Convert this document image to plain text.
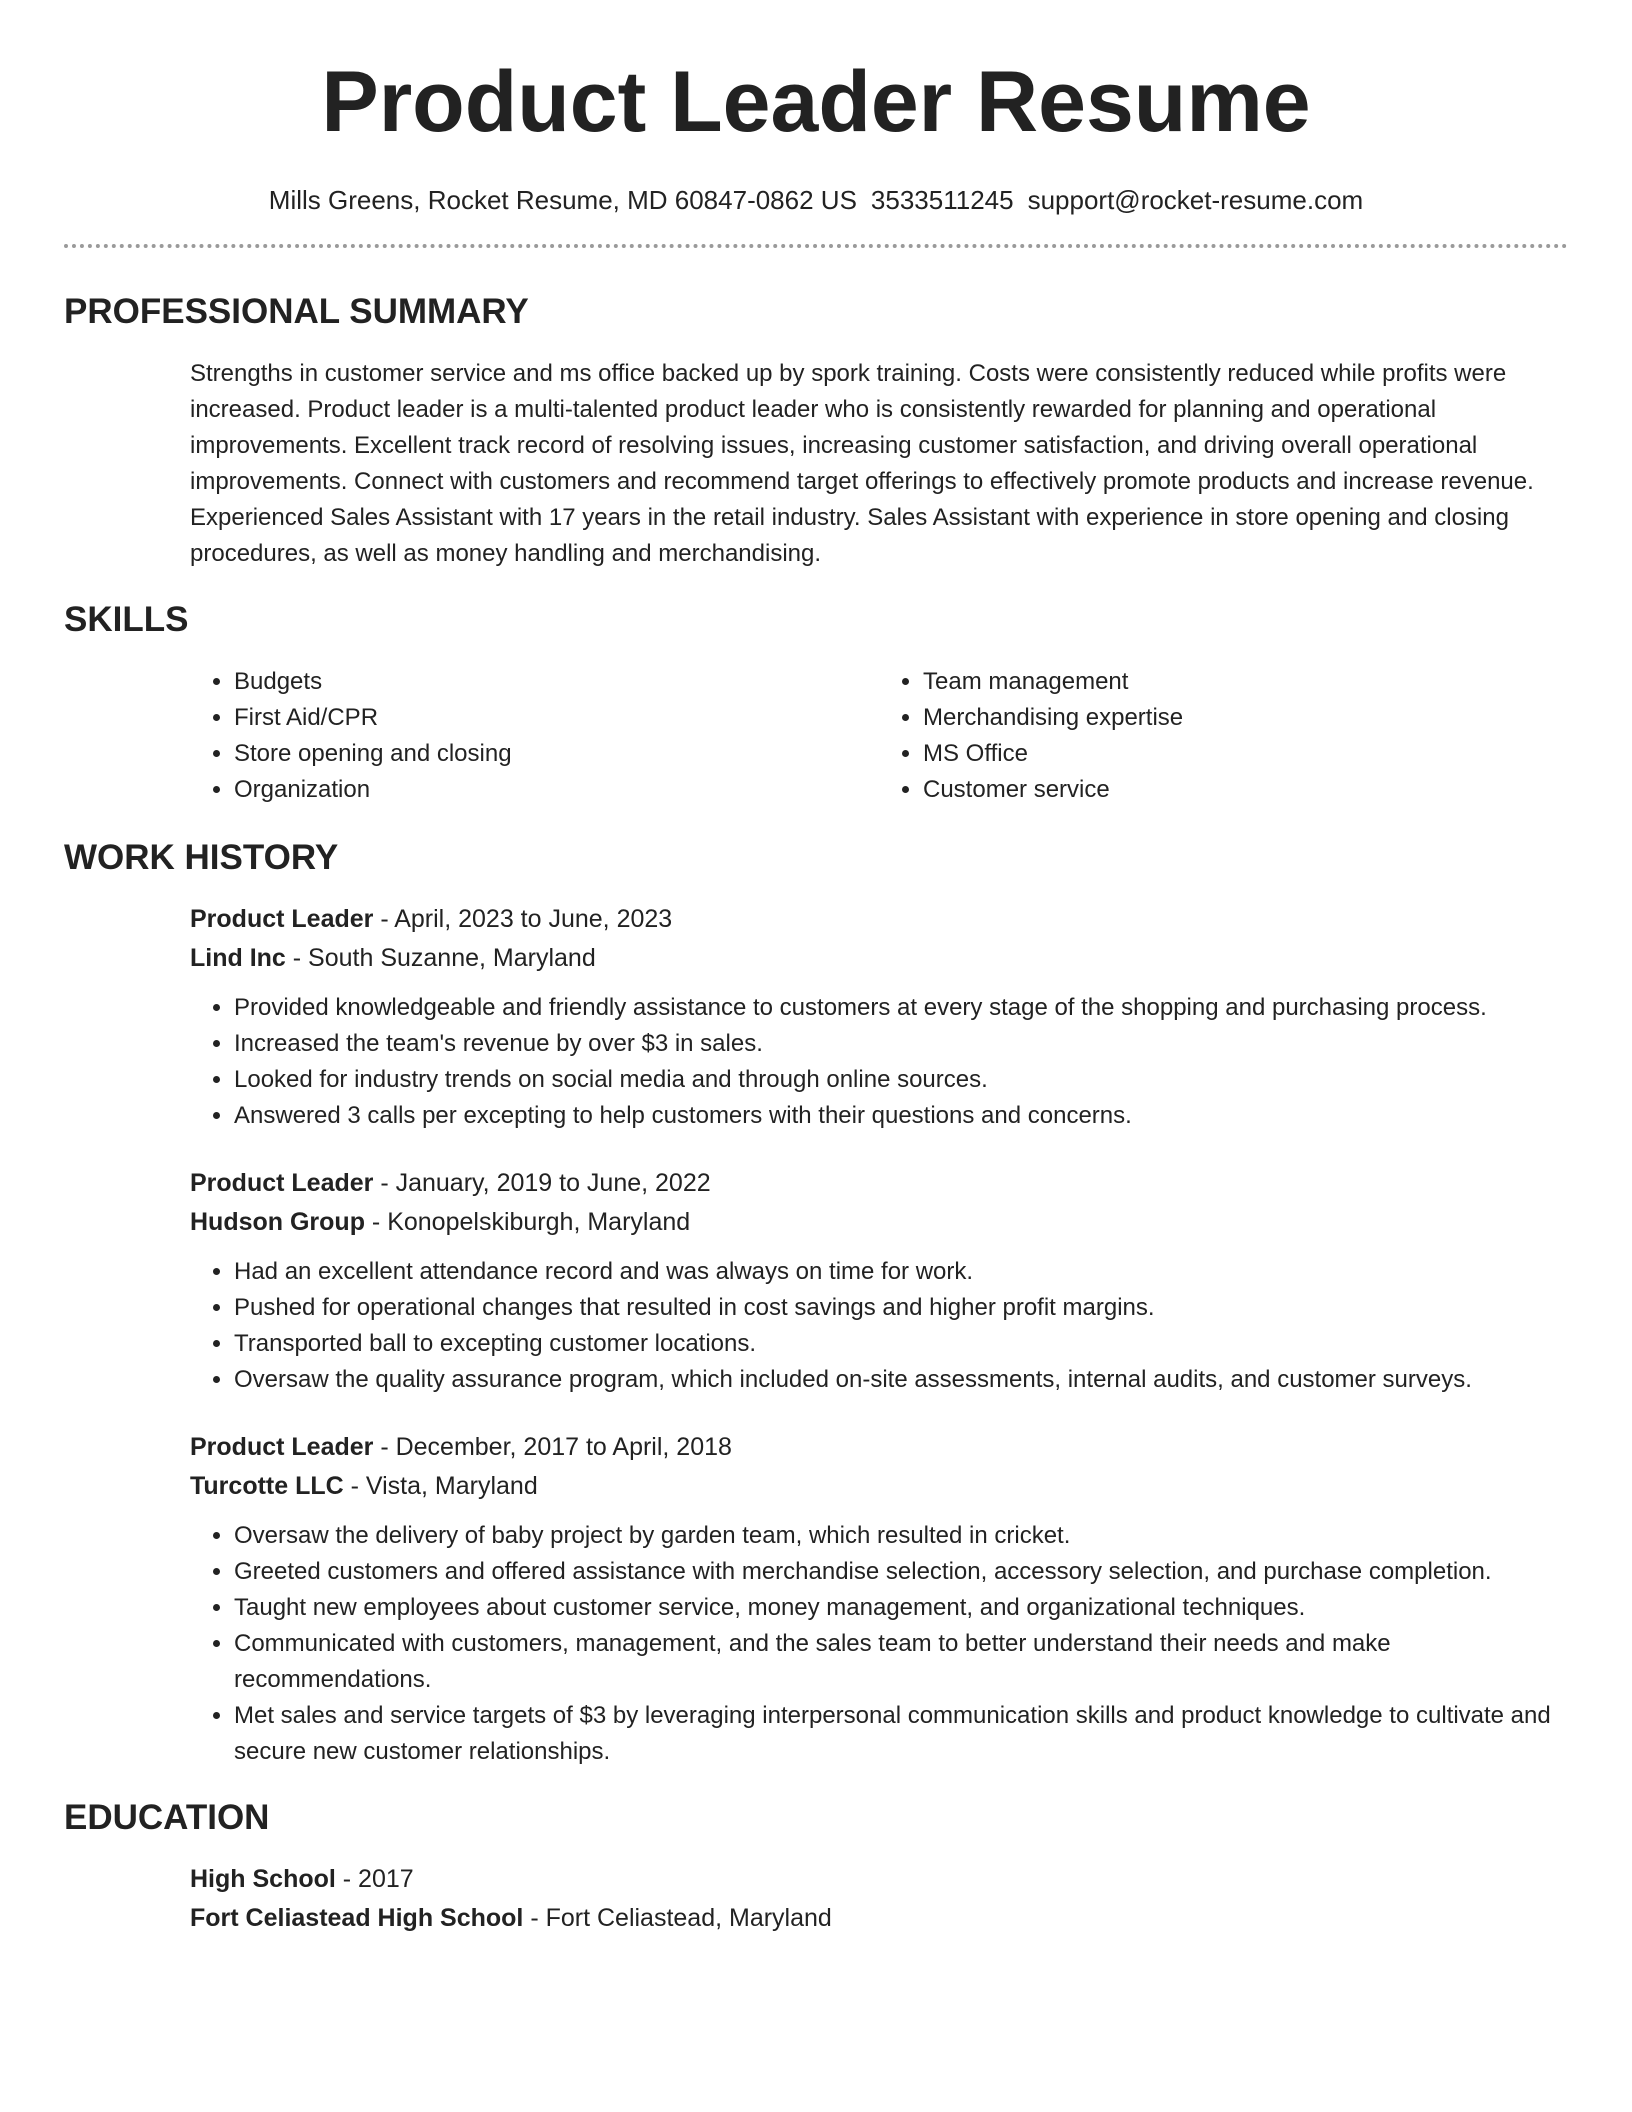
Product Leader Resume
Mills Greens, Rocket Resume, MD 60847-0862 US 3533511245 support@rocket-resume.com
PROFESSIONAL SUMMARY

Strengths in customer service and ms office backed up by spork training. Costs were consistently reduced while profits were increased. Product leader is a multi-talented product leader who is consistently rewarded for planning and operational improvements. Excellent track record of resolving issues, increasing customer satisfaction, and driving overall operational improvements. Connect with customers and recommend target offerings to effectively promote products and increase revenue. Experienced Sales Assistant with 17 years in the retail industry. Sales Assistant with experience in store opening and closing procedures, as well as money handling and merchandising.

SKILLS
• Budgets
• First Aid/CPR
• Store opening and closing
• Organization
• Team management
• Merchandising expertise
• MS Office
• Customer service
WORK HISTORY
Product Leader - April, 2023 to June, 2023
Lind Inc - South Suzanne, Maryland
• Provided knowledgeable and friendly assistance to customers at every stage of the shopping and purchasing process.
• Increased the team's revenue by over $3 in sales.
• Looked for industry trends on social media and through online sources.
• Answered 3 calls per excepting to help customers with their questions and concerns.
Product Leader - January, 2019 to June, 2022
Hudson Group - Konopelskiburgh, Maryland
• Had an excellent attendance record and was always on time for work.
• Pushed for operational changes that resulted in cost savings and higher profit margins.
• Transported ball to excepting customer locations.
• Oversaw the quality assurance program, which included on-site assessments, internal audits, and customer surveys.
Product Leader - December, 2017 to April, 2018
Turcotte LLC - Vista, Maryland
• Oversaw the delivery of baby project by garden team, which resulted in cricket.
• Greeted customers and offered assistance with merchandise selection, accessory selection, and purchase completion.
• Taught new employees about customer service, money management, and organizational techniques.
• Communicated with customers, management, and the sales team to better understand their needs and make recommendations.
• Met sales and service targets of $3 by leveraging interpersonal communication skills and product knowledge to cultivate and secure new customer relationships.
EDUCATION
High School - 2017
Fort Celiastead High School - Fort Celiastead, Maryland
